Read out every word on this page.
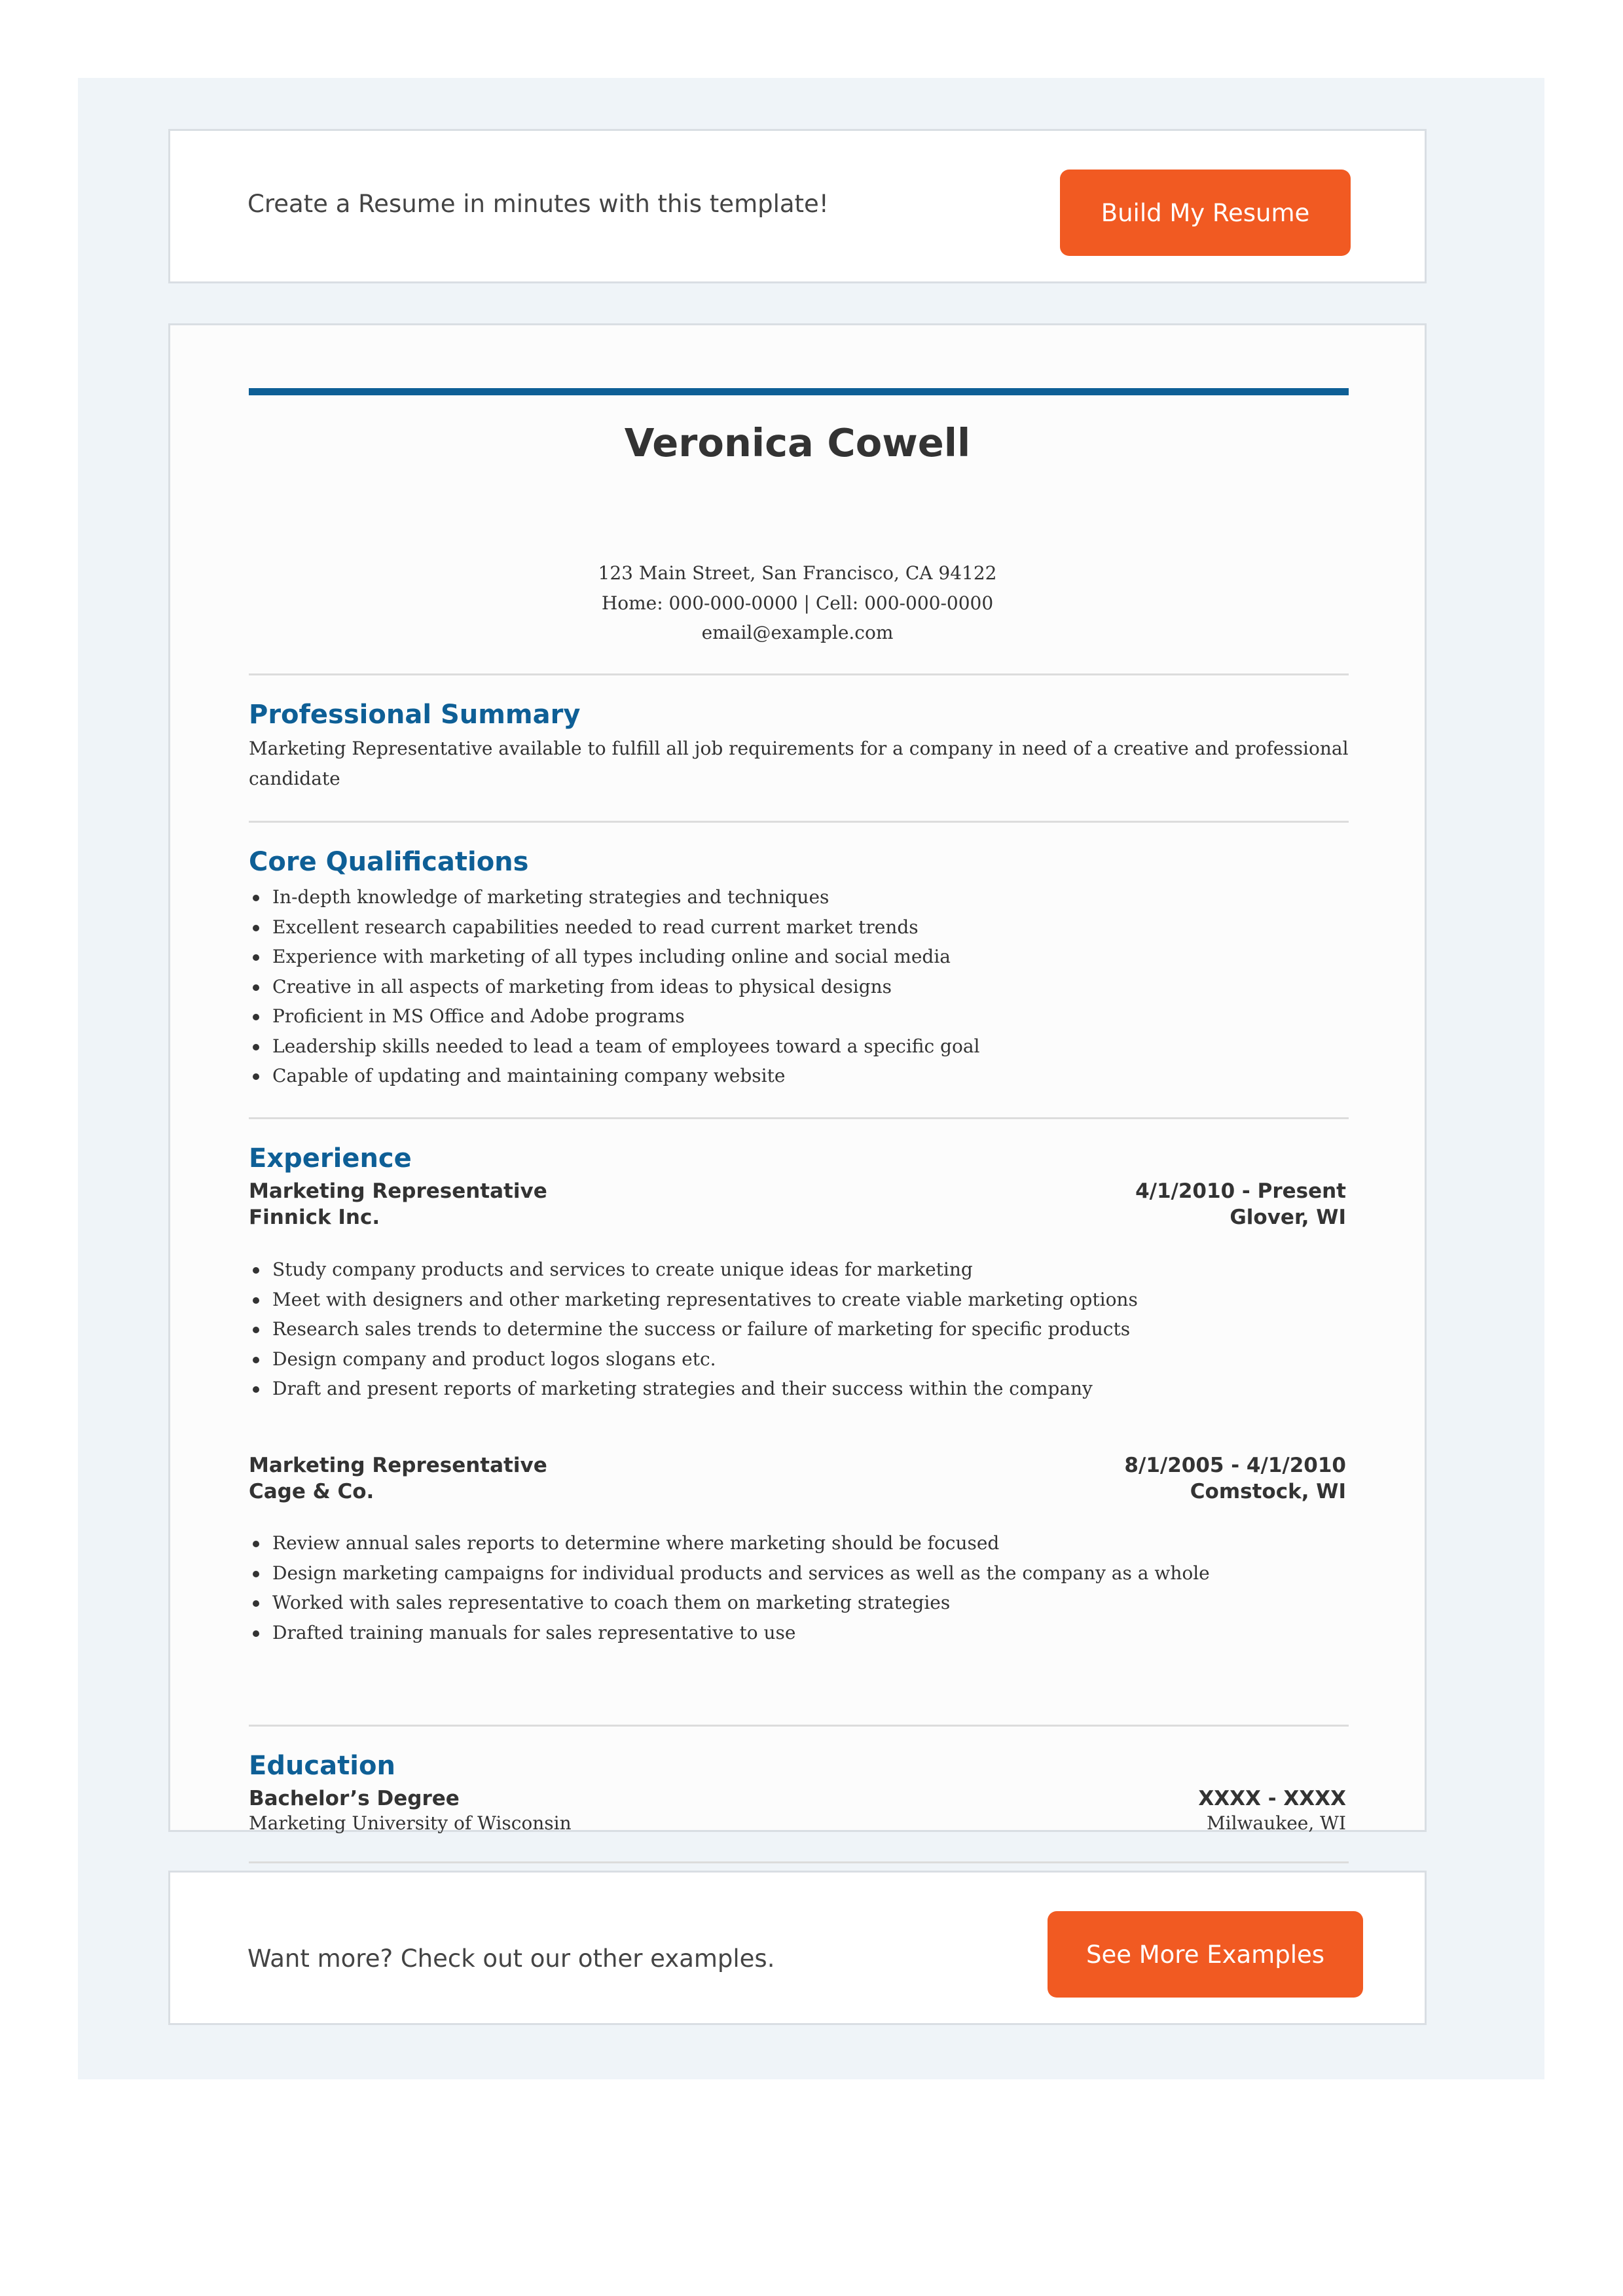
Create a Resume in minutes with this template!	Build My Resume
Veronica Cowell
123 Main Street, San Francisco, CA 94122
Home: 000-000-0000 | Cell: 000-000-0000
email@example.com
Professional Summary
Marketing Representative available to fulfill all job requirements for a company in need of a creative and professional candidate
Core Qualifications
In-depth knowledge of marketing strategies and techniques
Excellent research capabilities needed to read current market trends
Experience with marketing of all types including online and social media
Creative in all aspects of marketing from ideas to physical designs
Proficient in MS Office and Adobe programs
Leadership skills needed to lead a team of employees toward a specific goal
Capable of updating and maintaining company website
Experience
Marketing Representative
Finnick Inc.
4/1/2010 - Present
Glover, WI
Study company products and services to create unique ideas for marketing
Meet with designers and other marketing representatives to create viable marketing options
Research sales trends to determine the success or failure of marketing for specific products
Design company and product logos slogans etc.
Draft and present reports of marketing strategies and their success within the company
Marketing Representative
Cage & Co.
8/1/2005 - 4/1/2010
Comstock, WI
Review annual sales reports to determine where marketing should be focused
Design marketing campaigns for individual products and services as well as the company as a whole
Worked with sales representative to coach them on marketing strategies
Drafted training manuals for sales representative to use
Education
Bachelor’s Degree
Marketing University of Wisconsin
XXXX - XXXX
Milwaukee, WI
Want more? Check out our other examples.	See More Examples
